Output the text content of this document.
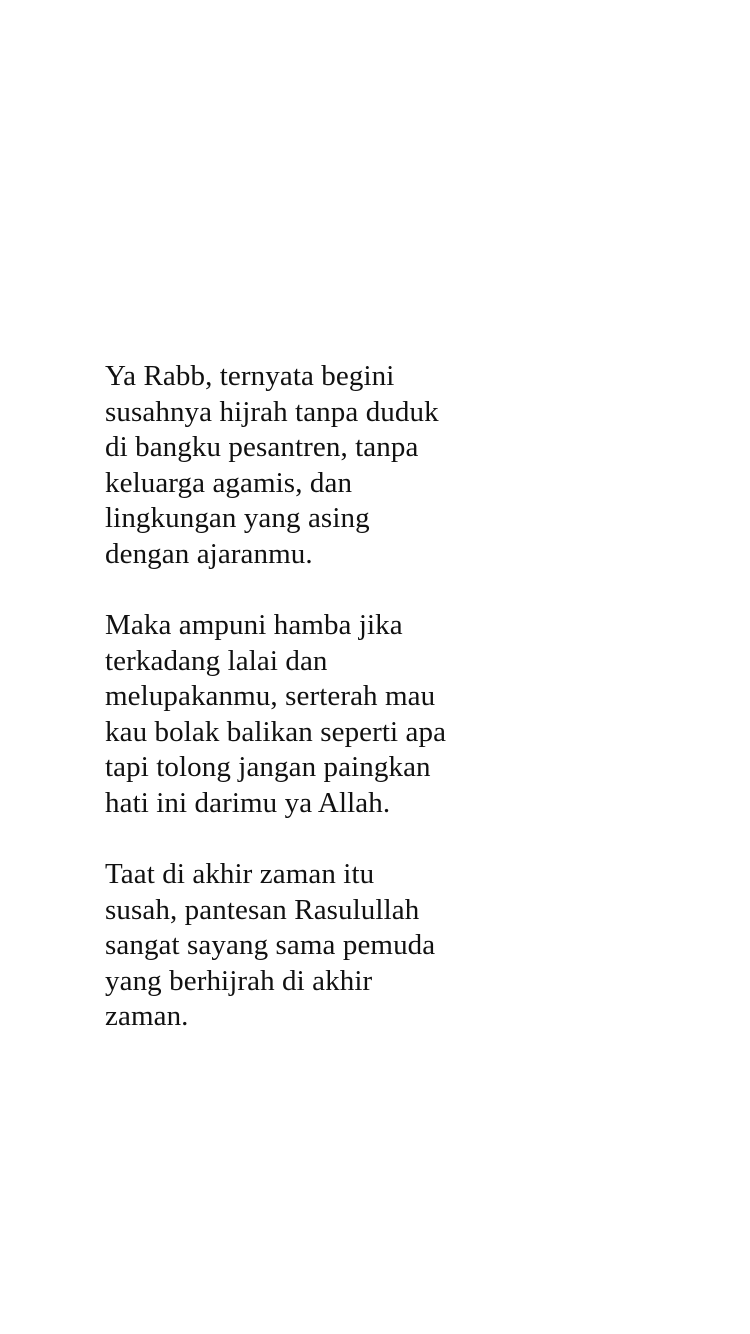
Ya Rabb, ternyata begini
susahnya hijrah tanpa duduk
di bangku pesantren, tanpa
keluarga agamis, dan
lingkungan yang asing
dengan ajaranmu.

Maka ampuni hamba jika
terkadang lalai dan
melupakanmu, serterah mau
kau bolak balikan seperti apa
tapi tolong jangan paingkan
hati ini darimu ya Allah.

Taat di akhir zaman itu
susah, pantesan Rasulullah
sangat sayang sama pemuda
yang berhijrah di akhir
zaman.
